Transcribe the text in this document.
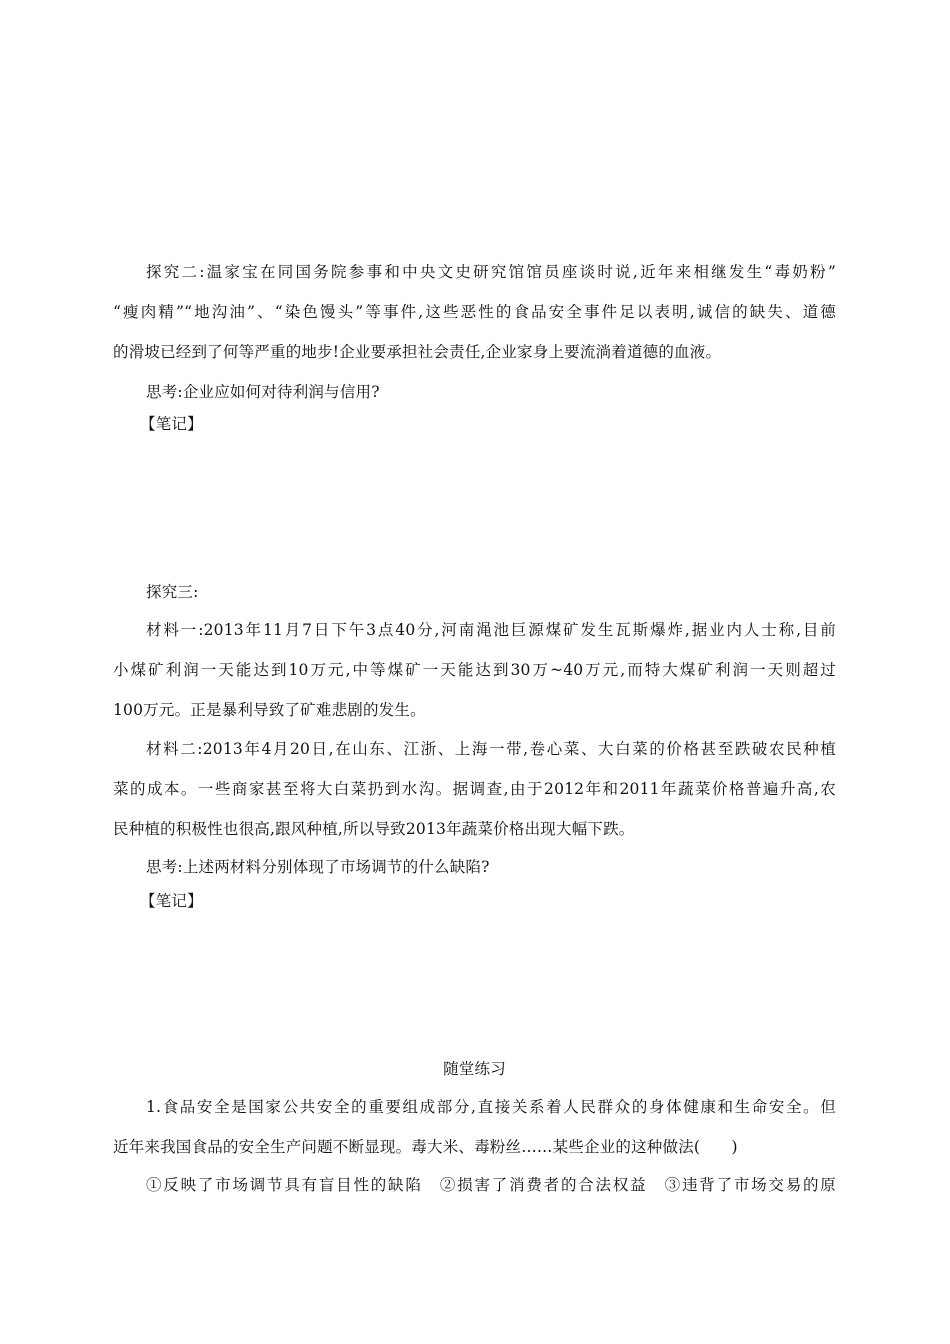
探究二:温家宝在同国务院参事和中央文史研究馆馆员座谈时说,近年来相继发生“毒奶粉”
“瘦肉精”“地沟油”、“染色馒头”等事件,这些恶性的食品安全事件足以表明,诚信的缺失、道德
的滑坡已经到了何等严重的地步!企业要承担社会责任,企业家身上要流淌着道德的血液。
思考:企业应如何对待利润与信用?
【笔记】
探究三:
材料一:2013年11月7日下午3点40分,河南渑池巨源煤矿发生瓦斯爆炸,据业内人士称,目前
小煤矿利润一天能达到10万元,中等煤矿一天能达到30万~40万元,而特大煤矿利润一天则超过
100万元。正是暴利导致了矿难悲剧的发生。
材料二:2013年4月20日,在山东、江浙、上海一带,卷心菜、大白菜的价格甚至跌破农民种植
菜的成本。一些商家甚至将大白菜扔到水沟。据调查,由于2012年和2011年蔬菜价格普遍升高,农
民种植的积极性也很高,跟风种植,所以导致2013年蔬菜价格出现大幅下跌。
思考:上述两材料分别体现了市场调节的什么缺陷?
【笔记】
随堂练习
1.食品安全是国家公共安全的重要组成部分,直接关系着人民群众的身体健康和生命安全。但
近年来我国食品的安全生产问题不断显现。毒大米、毒粉丝……某些企业的这种做法(　　)
①反映了市场调节具有盲目性的缺陷　②损害了消费者的合法权益　③违背了市场交易的原
